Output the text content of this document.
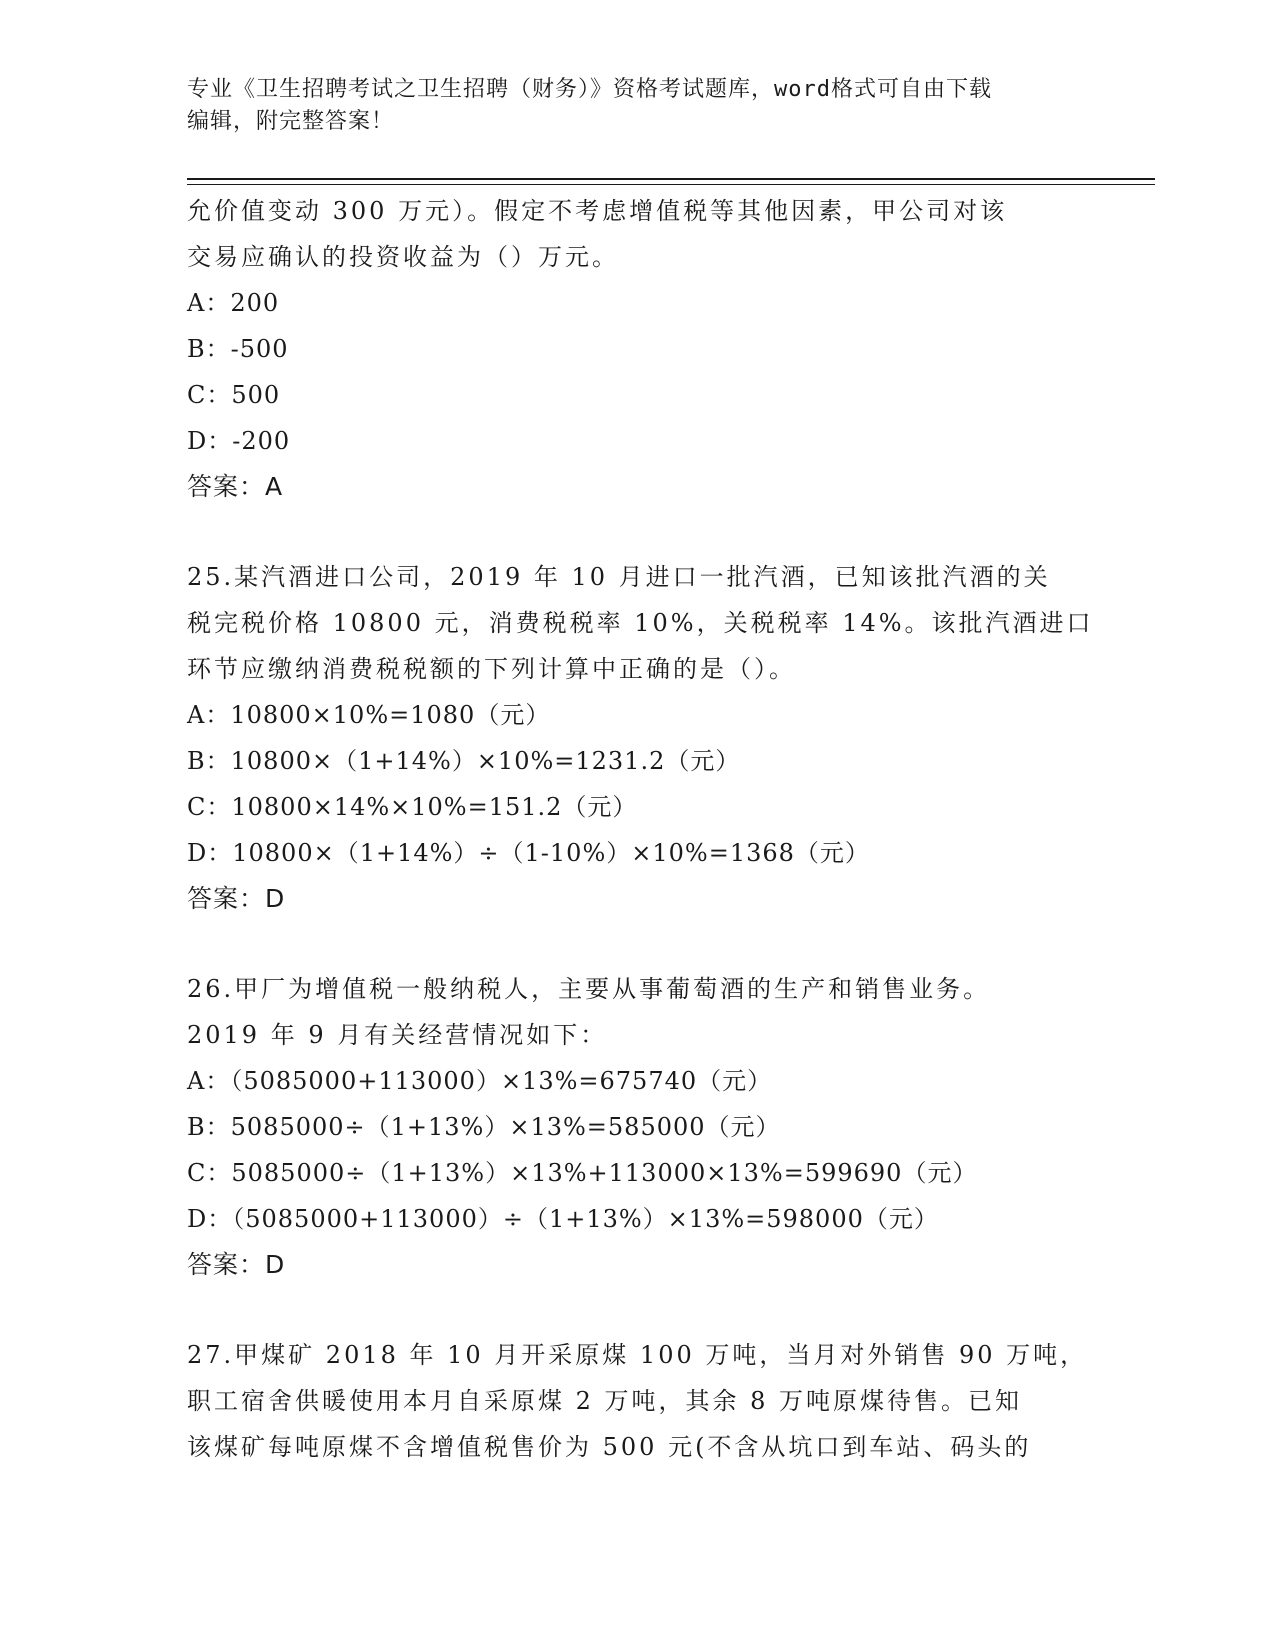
专业《卫生招聘考试之卫生招聘（财务）》资格考试题库，word格式可自由下载
编辑，附完整答案！
允价值变动 300 万元）。假定不考虑增值税等其他因素，甲公司对该
交易应确认的投资收益为（）万元。
A：200
B：-500
C：500
D：-200
答案：A
25.某汽酒进口公司，2019 年 10 月进口一批汽酒，已知该批汽酒的关
税完税价格 10800 元，消费税税率 10%，关税税率 14%。该批汽酒进口
环节应缴纳消费税税额的下列计算中正确的是（）。
A：10800×10%=1080（元）
B：10800×（1+14%）×10%=1231.2（元）
C：10800×14%×10%=151.2（元）
D：10800×（1+14%）÷（1-10%）×10%=1368（元）
答案：D
26.甲厂为增值税一般纳税人，主要从事葡萄酒的生产和销售业务。
2019 年 9 月有关经营情况如下：
A：（5085000+113000）×13%=675740（元）
B：5085000÷（1+13%）×13%=585000（元）
C：5085000÷（1+13%）×13%+113000×13%=599690（元）
D：（5085000+113000）÷（1+13%）×13%=598000（元）
答案：D
27.甲煤矿 2018 年 10 月开采原煤 100 万吨，当月对外销售 90 万吨，
职工宿舍供暖使用本月自采原煤 2 万吨，其余 8 万吨原煤待售。已知
该煤矿每吨原煤不含增值税售价为 500 元(不含从坑口到车站、码头的
